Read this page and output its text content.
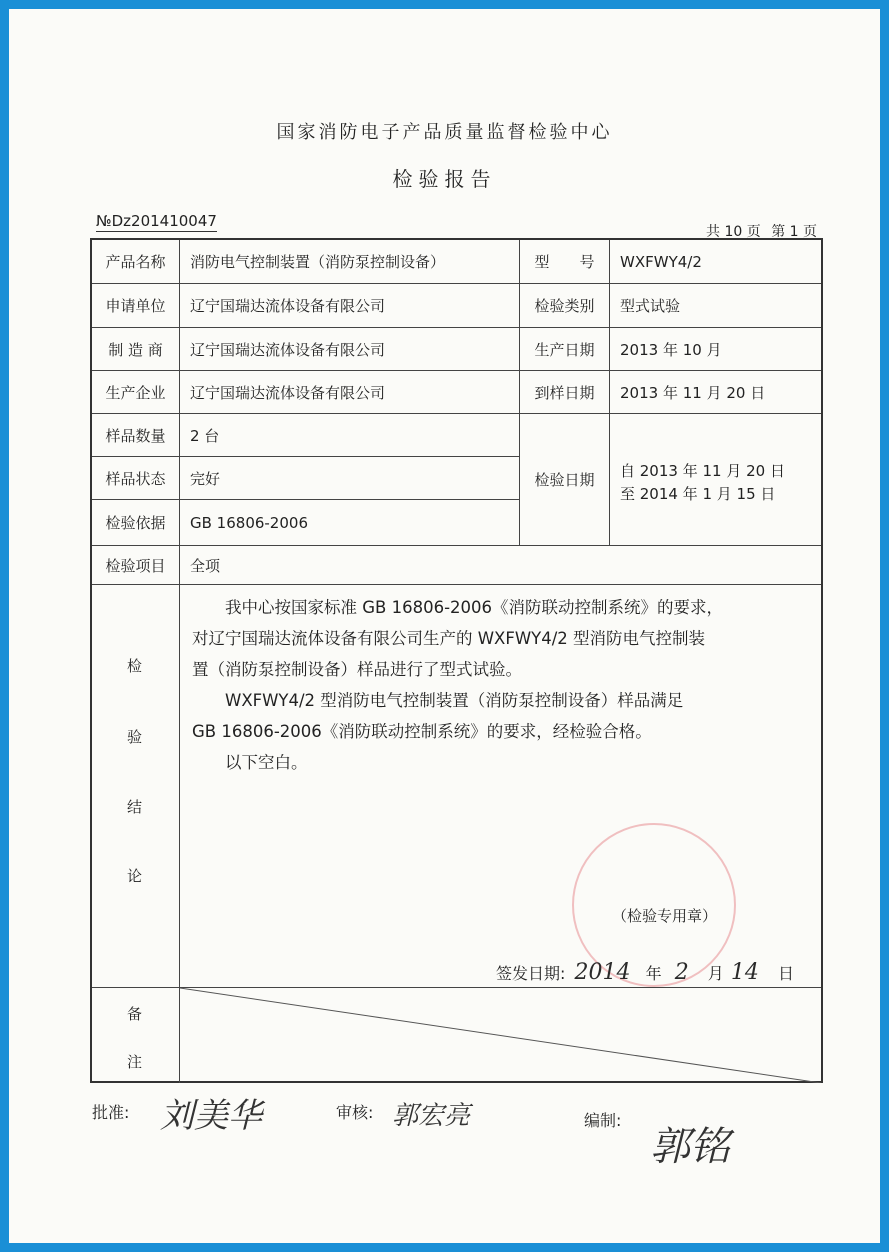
国家消防电子产品质量监督检验中心
检验报告
№Dz201410047
共 10 页 第 1 页
产品名称	消防电气控制装置（消防泵控制设备）	型　　号	WXFWY4/2
申请单位	辽宁国瑞达流体设备有限公司	检验类别	型式试验
制 造 商	辽宁国瑞达流体设备有限公司	生产日期	2013 年 10 月
生产企业	辽宁国瑞达流体设备有限公司	到样日期	2013 年 11 月 20 日
样品数量	2 台
样品状态	完好
检验依据	GB 16806-2006
检验日期	自 2013 年 11 月 20 日
至 2014 年 1 月 15 日
检验项目	全项
检
验
结
论

我中心按国家标准 GB 16806-2006《消防联动控制系统》的要求，

对辽宁国瑞达流体设备有限公司生产的 WXFWY4/2 型消防电气控制装

置（消防泵控制设备）样品进行了型式试验。

WXFWY4/2 型消防电气控制装置（消防泵控制设备）样品满足

GB 16806-2006《消防联动控制系统》的要求，经检验合格。

以下空白。

备
注
（检验专用章）
签发日期: 2014 年 2 月 14 日
批准: 刘美华	审核: 郭宏亮	编制:
郭铭
